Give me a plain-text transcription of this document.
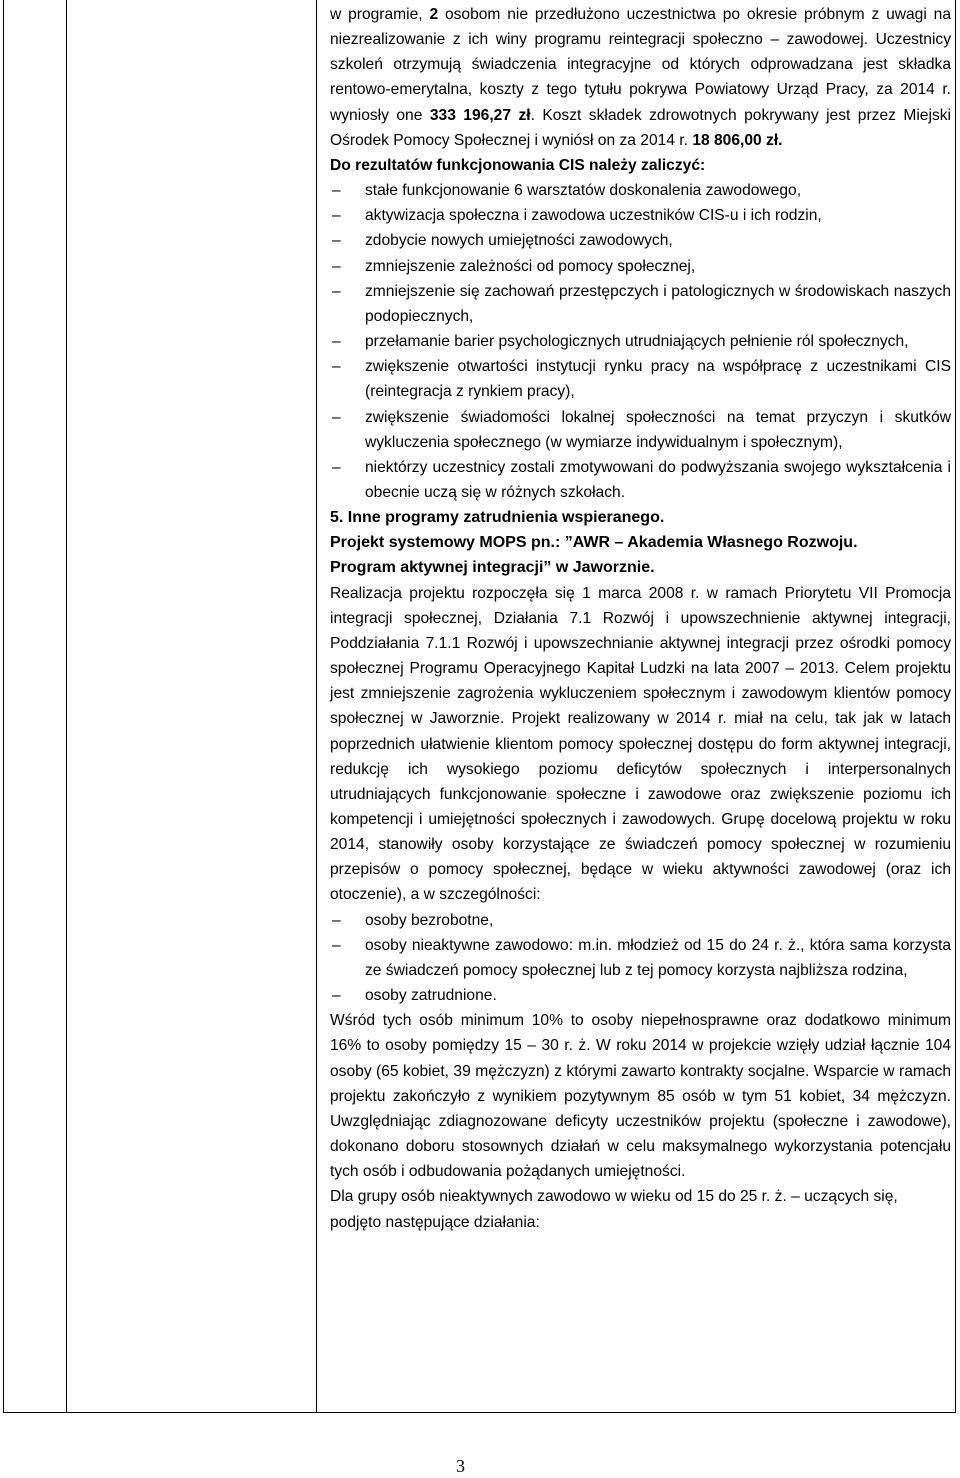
w programie, 2 osobom nie przedłużono uczestnictwa po okresie próbnym z uwagi na niezrealizowanie z ich winy programu reintegracji społeczno – zawodowej. Uczestnicy szkoleń otrzymują świadczenia integracyjne od których odprowadzana jest składka rentowo-emerytalna, koszty z tego tytułu pokrywa Powiatowy Urząd Pracy, za 2014 r. wyniosły one 333 196,27 zł. Koszt składek zdrowotnych pokrywany jest przez Miejski Ośrodek Pomocy Społecznej i wyniósł on za 2014 r. 18 806,00 zł.

Do rezultatów funkcjonowania CIS należy zaliczyć:

– stałe funkcjonowanie 6 warsztatów doskonalenia zawodowego,
– aktywizacja społeczna i zawodowa uczestników CIS-u i ich rodzin,
– zdobycie nowych umiejętności zawodowych,
– zmniejszenie zależności od pomocy społecznej,
– zmniejszenie się zachowań przestępczych i patologicznych w środowiskach naszych podopiecznych,
– przełamanie barier psychologicznych utrudniających pełnienie ról społecznych,
– zwiększenie otwartości instytucji rynku pracy na współpracę z uczestnikami CIS (reintegracja z rynkiem pracy),
– zwiększenie świadomości lokalnej społeczności na temat przyczyn i skutków wykluczenia społecznego (w wymiarze indywidualnym i społecznym),
– niektórzy uczestnicy zostali zmotywowani do podwyższania swojego wykształcenia i obecnie uczą się w różnych szkołach.

5. Inne programy zatrudnienia wspieranego.

Projekt systemowy MOPS pn.: ”AWR – Akademia Własnego Rozwoju.

Program aktywnej integracji” w Jaworznie.

Realizacja projektu rozpoczęła się 1 marca 2008 r. w ramach Priorytetu VII Promocja integracji społecznej, Działania 7.1 Rozwój i upowszechnienie aktywnej integracji, Poddziałania 7.1.1 Rozwój i upowszechnianie aktywnej integracji przez ośrodki pomocy społecznej Programu Operacyjnego Kapitał Ludzki na lata 2007 – 2013. Celem projektu jest zmniejszenie zagrożenia wykluczeniem społecznym i zawodowym klientów pomocy społecznej w Jaworznie. Projekt realizowany w 2014 r. miał na celu, tak jak w latach poprzednich ułatwienie klientom pomocy społecznej dostępu do form aktywnej integracji, redukcję ich wysokiego poziomu deficytów społecznych i interpersonalnych utrudniających funkcjonowanie społeczne i zawodowe oraz zwiększenie poziomu ich kompetencji i umiejętności społecznych i zawodowych. Grupę docelową projektu w roku 2014, stanowiły osoby korzystające ze świadczeń pomocy społecznej w rozumieniu przepisów o pomocy społecznej, będące w wieku aktywności zawodowej (oraz ich otoczenie), a w szczególności:

– osoby bezrobotne,
– osoby nieaktywne zawodowo: m.in. młodzież od 15 do 24 r. ż., która sama korzysta ze świadczeń pomocy społecznej lub z tej pomocy korzysta najbliższa rodzina,
– osoby zatrudnione.

Wśród tych osób minimum 10% to osoby niepełnosprawne oraz dodatkowo minimum 16% to osoby pomiędzy 15 – 30 r. ż. W roku 2014 w projekcie wzięły udział łącznie 104 osoby (65 kobiet, 39 mężczyzn) z którymi zawarto kontrakty socjalne. Wsparcie w ramach projektu zakończyło z wynikiem pozytywnym 85 osób w tym 51 kobiet, 34 mężczyzn. Uwzględniając zdiagnozowane deficyty uczestników projektu (społeczne i zawodowe), dokonano doboru stosownych działań w celu maksymalnego wykorzystania potencjału tych osób i odbudowania pożądanych umiejętności.

Dla grupy osób nieaktywnych zawodowo w wieku od 15 do 25 r. ż. – uczących się, podjęto następujące działania:

3
